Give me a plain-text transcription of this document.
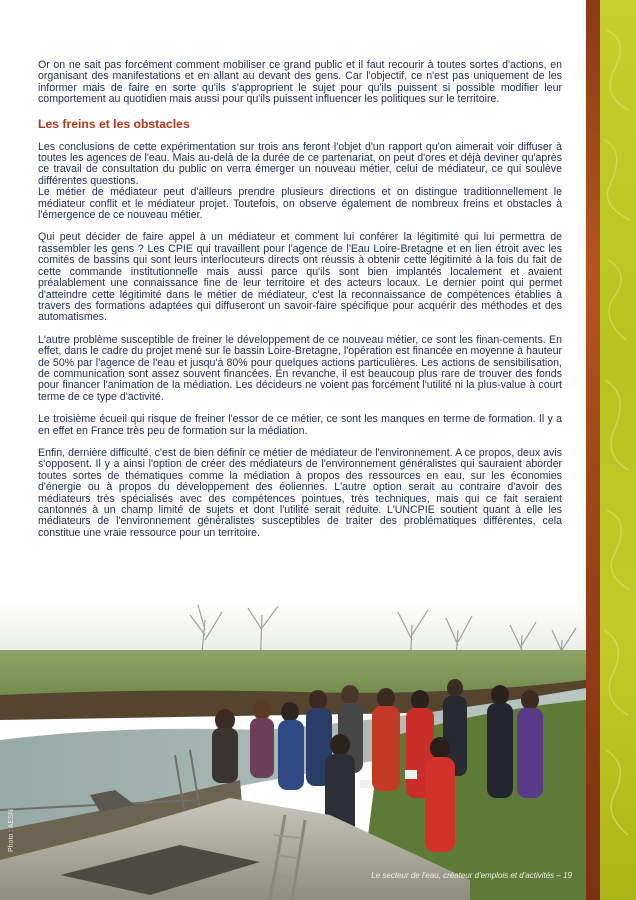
Or on ne sait pas forcément comment mobiliser ce grand public et il faut recourir à toutes sortes d'actions, en organisant des manifestations et en allant au devant des gens. Car l'objectif, ce n'est pas uniquement de les informer mais de faire en sorte qu'ils s'approprient le sujet pour qu'ils puissent si possible modifier leur comportement au quotidien mais aussi pour qu'ils puissent influencer les politiques sur le territoire.

Les freins et les obstacles

Les conclusions de cette expérimentation sur trois ans feront l'objet d'un rapport qu'on aimerait voir diffuser à toutes les agences de l'eau. Mais au-delà de la durée de ce partenariat, on peut d'ores et déjà deviner qu'après ce travail de consultation du public on verra émerger un nouveau métier, celui de médiateur, ce qui soulève différentes questions.

Le métier de médiateur peut d'ailleurs prendre plusieurs directions et on distingue traditionnellement le médiateur conflit et le médiateur projet. Toutefois, on observe également de nombreux freins et obstacles à l'émergence de ce nouveau métier.

Qui peut décider de faire appel à un médiateur et comment lui conférer la légitimité qui lui permettra de rassembler les gens ? Les CPIE qui travaillent pour l'agence de l'Eau Loire-Bretagne et en lien étroit avec les comités de bassins qui sont leurs interlocuteurs directs ont réussis à obtenir cette légitimité à la fois du fait de cette commande institutionnelle mais aussi parce qu'ils sont bien implantés localement et avaient préalablement une connaissance fine de leur territoire et des acteurs locaux. Le dernier point qui permet d'atteindre cette légitimité dans le métier de médiateur, c'est la reconnaissance de compétences établies à travers des formations adaptées qui diffuseront un savoir-faire spécifique pour acquérir des méthodes et des automatismes.

L'autre problème susceptible de freiner le développement de ce nouveau métier, ce sont les finan-cements. En effet, dans le cadre du projet mené sur le bassin Loire-Bretagne, l'opération est financée en moyenne à hauteur de 50% par l'agence de l'eau et jusqu'à 80% pour quelques actions particulières. Les actions de sensibilisation, de communication sont assez souvent financées. En revanche, il est beaucoup plus rare de trouver des fonds pour financer l'animation de la médiation. Les décideurs ne voient pas forcément l'utilité ni la plus-value à court terme de ce type d'activité.

Le troisième écueil qui risque de freiner l'essor de ce métier, ce sont les manques en terme de formation. Il y a en effet en France très peu de formation sur la médiation.

Enfin, dernière difficulté, c'est de bien définir ce métier de médiateur de l'environnement. A ce propos, deux avis s'opposent. Il y a ainsi l'option de créer des médiateurs de l'environnement généralistes qui sauraient aborder toutes sortes de thématiques comme la médiation à propos des ressources en eau, sur les économies d'énergie ou à propos du développement des éoliennes. L'autre option serait au contraire d'avoir des médiateurs très spécialisés avec des compétences pointues, très techniques, mais qui ce fait seraient cantonnés à un champ limité de sujets et dont l'utilité serait réduite. L'UNCPIE soutient quant à elle les médiateurs de l'environnement généralistes susceptibles de traiter des problématiques différentes, cela constitue une vraie ressource pour un territoire.

Photo : AESN
Le secteur de l'eau, créateur d'emplois et d'activités – 19
